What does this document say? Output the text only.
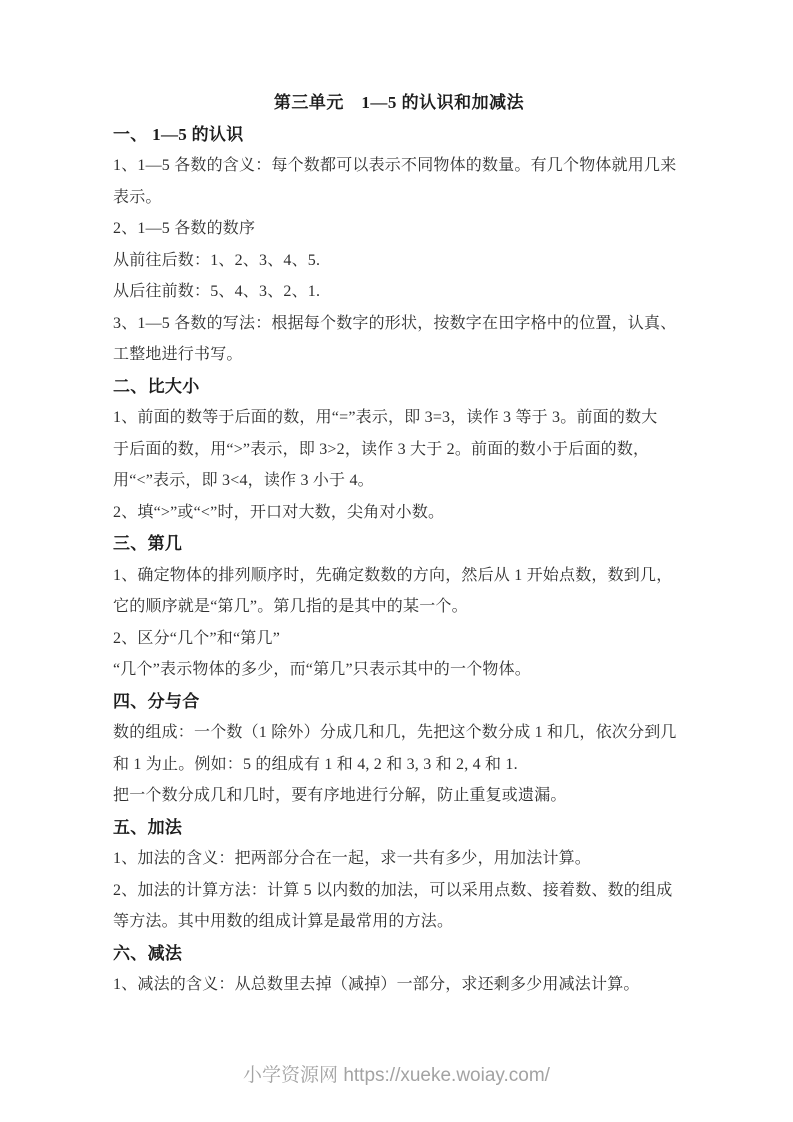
第三单元　1—5 的认识和加减法
一、 1—5 的认识
1、1—5 各数的含义：每个数都可以表示不同物体的数量。有几个物体就用几来
表示。
2、1—5 各数的数序
从前往后数：1、2、3、4、5.
从后往前数：5、4、3、2、1.
3、1—5 各数的写法：根据每个数字的形状，按数字在田字格中的位置，认真、
工整地进行书写。
二、比大小
1、前面的数等于后面的数，用“=”表示，即 3=3，读作 3 等于 3。前面的数大
于后面的数，用“>”表示，即 3>2，读作 3 大于 2。前面的数小于后面的数，
用“<”表示，即 3<4，读作 3 小于 4。
2、填“>”或“<”时，开口对大数，尖角对小数。
三、第几
1、确定物体的排列顺序时，先确定数数的方向，然后从 1 开始点数，数到几，
它的顺序就是“第几”。第几指的是其中的某一个。
2、区分“几个”和“第几”
“几个”表示物体的多少，而“第几”只表示其中的一个物体。
四、分与合
数的组成：一个数（1 除外）分成几和几，先把这个数分成 1 和几，依次分到几
和 1 为止。例如：5 的组成有 1 和 4, 2 和 3, 3 和 2, 4 和 1.
把一个数分成几和几时，要有序地进行分解，防止重复或遗漏。
五、加法
1、加法的含义：把两部分合在一起，求一共有多少，用加法计算。
2、加法的计算方法：计算 5 以内数的加法，可以采用点数、接着数、数的组成
等方法。其中用数的组成计算是最常用的方法。
六、减法
1、减法的含义：从总数里去掉（减掉）一部分，求还剩多少用减法计算。
小学资源网 https://xueke.woiay.com/
